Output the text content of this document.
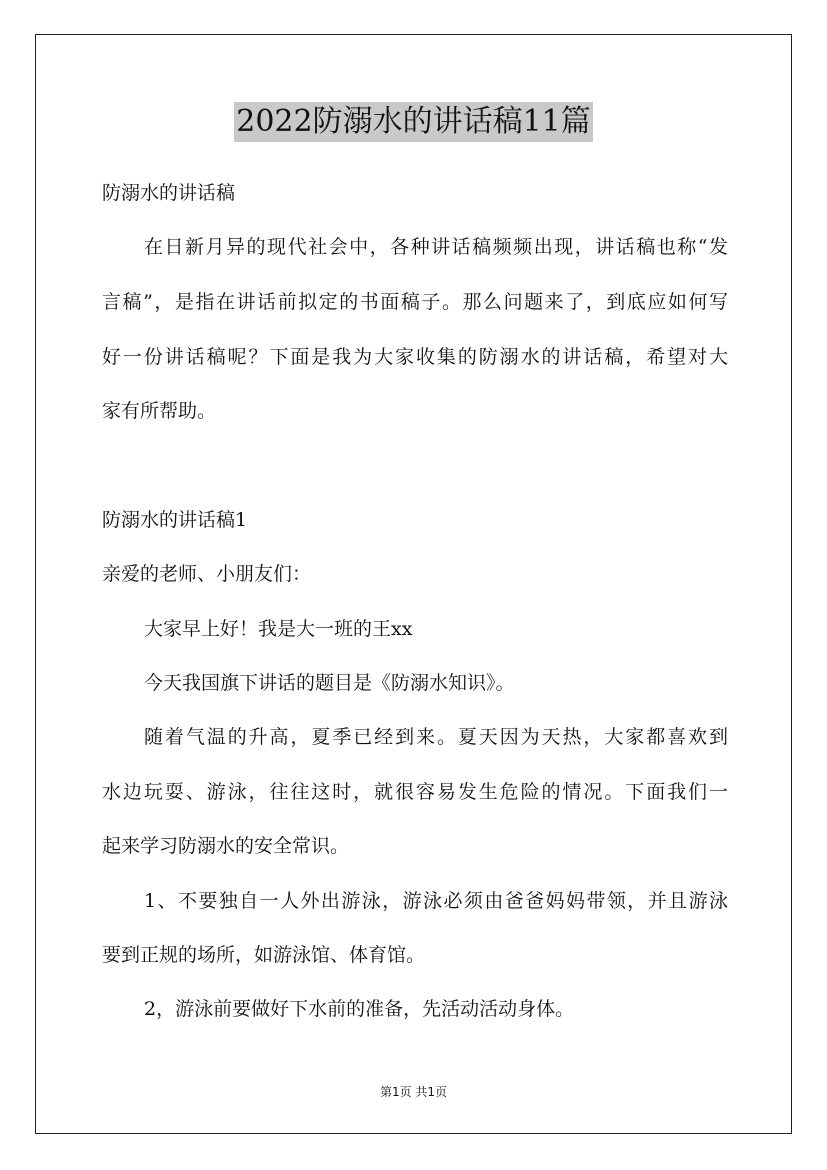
2022防溺水的讲话稿11篇
防溺水的讲话稿
在日新月异的现代社会中，各种讲话稿频频出现，讲话稿也称“发
言稿”，是指在讲话前拟定的书面稿子。那么问题来了，到底应如何写
好一份讲话稿呢？下面是我为大家收集的防溺水的讲话稿，希望对大
家有所帮助。
防溺水的讲话稿1
亲爱的老师、小朋友们：
大家早上好！我是大一班的王xx
今天我国旗下讲话的题目是《防溺水知识》。
随着气温的升高，夏季已经到来。夏天因为天热，大家都喜欢到
水边玩耍、游泳，往往这时，就很容易发生危险的情况。下面我们一
起来学习防溺水的安全常识。
1、不要独自一人外出游泳，游泳必须由爸爸妈妈带领，并且游泳
要到正规的场所，如游泳馆、体育馆。
2，游泳前要做好下水前的准备，先活动活动身体。
第1页 共1页
